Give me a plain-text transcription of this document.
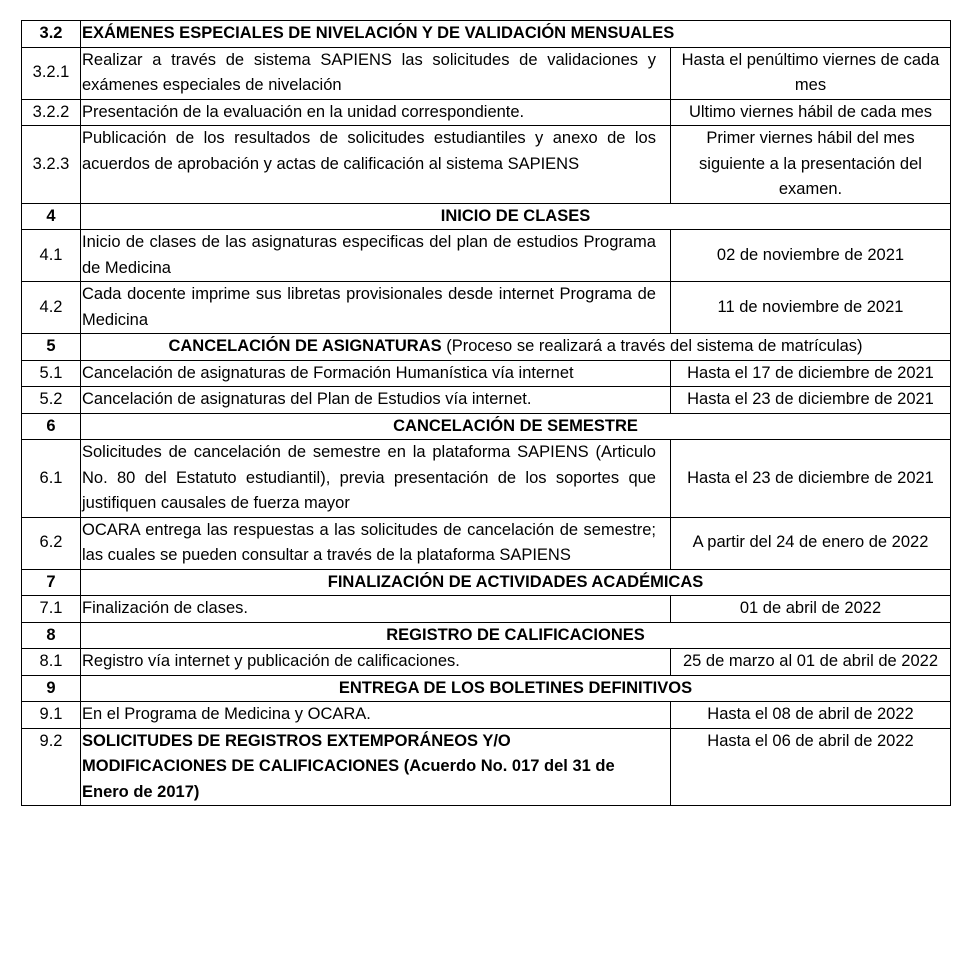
3.2	EXÁMENES ESPECIALES DE NIVELACIÓN Y DE VALIDACIÓN MENSUALES	
3.2.1	Realizar a través de sistema SAPIENS las solicitudes de validaciones y exámenes especiales de nivelación	Hasta el penúltimo viernes de cada mes
3.2.2	Presentación de la evaluación en la unidad correspondiente.	Ultimo viernes hábil de cada mes
3.2.3	Publicación de los resultados de solicitudes estudiantiles y anexo de los acuerdos de aprobación y actas de calificación al sistema SAPIENS	Primer viernes hábil del mes siguiente a la presentación del examen.
4	INICIO DE CLASES	
4.1	Inicio de clases de las asignaturas especificas del plan de estudios Programa de Medicina	02 de noviembre de 2021
4.2	Cada docente imprime sus libretas provisionales desde internet Programa de Medicina	11 de noviembre de 2021
5	CANCELACIÓN DE ASIGNATURAS (Proceso se realizará a través del sistema de matrículas)	
5.1	Cancelación de asignaturas de Formación Humanística vía internet	Hasta el 17 de diciembre de 2021
5.2	Cancelación de asignaturas del Plan de Estudios vía internet.	Hasta el 23 de diciembre de 2021
6	CANCELACIÓN DE SEMESTRE	
6.1	Solicitudes de cancelación de semestre en la plataforma SAPIENS (Articulo No. 80 del Estatuto estudiantil), previa presentación de los soportes que justifiquen causales de fuerza mayor	Hasta el 23 de diciembre de 2021
6.2	OCARA entrega las respuestas a las solicitudes de cancelación de semestre; las cuales se pueden consultar a través de la plataforma SAPIENS	A partir del 24 de enero de 2022
7	FINALIZACIÓN DE ACTIVIDADES ACADÉMICAS	
7.1	Finalización de clases.	01 de abril de 2022
8	REGISTRO DE CALIFICACIONES	
8.1	Registro vía internet y publicación de calificaciones.	25 de marzo al 01 de abril de 2022
9	ENTREGA DE LOS BOLETINES DEFINITIVOS	
9.1	En el Programa de Medicina y OCARA.	Hasta el 08 de abril de 2022
9.2	SOLICITUDES DE REGISTROS EXTEMPORÁNEOS Y/O MODIFICACIONES DE CALIFICACIONES (Acuerdo No. 017 del 31 de Enero de 2017)	Hasta el 06 de abril de 2022
